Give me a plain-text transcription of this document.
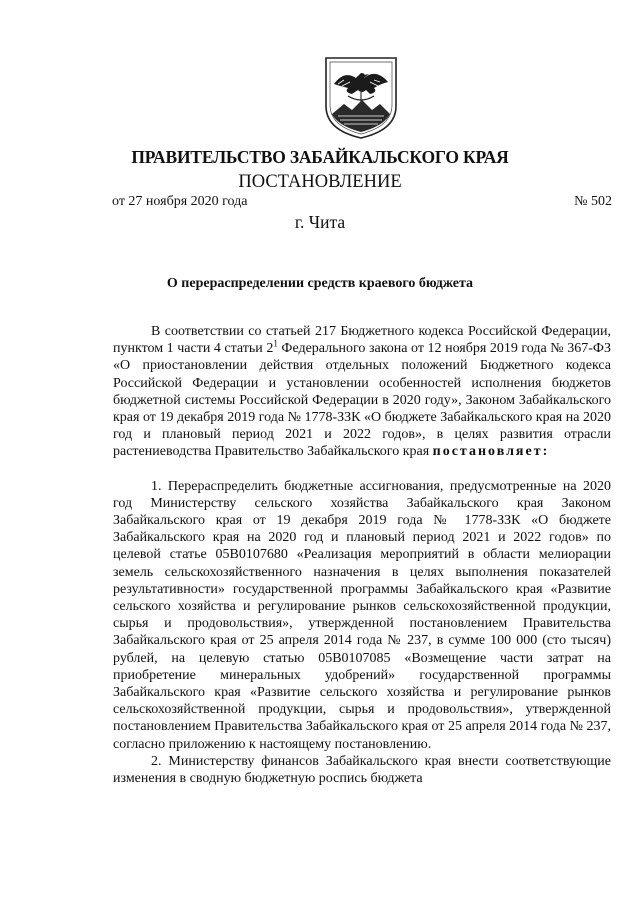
ПРАВИТЕЛЬСТВО ЗАБАЙКАЛЬСКОГО КРАЯ
ПОСТАНОВЛЕНИЕ
от 27 ноября 2020 года	№ 502
г. Чита
О перераспределении средств краевого бюджета

В соответствии со статьей 217 Бюджетного кодекса Российской Федерации, пунктом 1 части 4 статьи $2^1$ Федерального закона от 12 ноября 2019 года № 367-ФЗ «О приостановлении действия отдельных положений Бюджетного кодекса Российской Федерации и установлении особенностей исполнения бюджетов бюджетной системы Российской Федерации в 2020 году», Законом Забайкальского края от 19 декабря 2019 года № 1778-ЗЗК «О бюджете Забайкальского края на 2020 год и плановый период 2021 и 2022 годов», в целях развития отрасли растениеводства Правительство Забайкальского края постановляет:

1. Перераспределить бюджетные ассигнования, предусмотренные на 2020 год Министерству сельского хозяйства Забайкальского края Законом Забайкальского края от 19 декабря 2019 года № 1778-ЗЗК «О бюджете Забайкальского края на 2020 год и плановый период 2021 и 2022 годов» по целевой статье 05В0107680 «Реализация мероприятий в области мелиорации земель сельскохозяйственного назначения в целях выполнения показателей результативности» государственной программы Забайкальского края «Развитие сельского хозяйства и регулирование рынков сельскохозяйственной продукции, сырья и продовольствия», утвержденной постановлением Правительства Забайкальского края от 25 апреля 2014 года № 237, в сумме 100 000 (сто тысяч) рублей, на целевую статью 05В0107085 «Возмещение части затрат на приобретение минеральных удобрений» государственной программы Забайкальского края «Развитие сельского хозяйства и регулирование рынков сельскохозяйственной продукции, сырья и продовольствия», утвержденной постановлением Правительства Забайкальского края от 25 апреля 2014 года № 237, согласно приложению к настоящему постановлению.

2. Министерству финансов Забайкальского края внести соответствующие изменения в сводную бюджетную роспись бюджета
